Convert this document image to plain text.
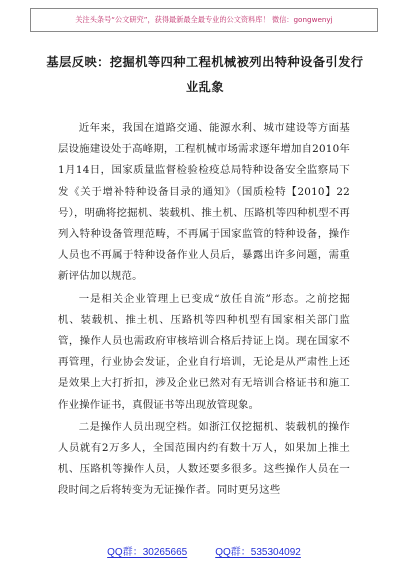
关注头条号“公文研究”，获得最新最全最专业的公文资料库！ 微信：gongwenyj
基层反映：挖掘机等四种工程机械被列出特种设备引发行
业乱象

近年来，我国在道路交通、能源水利、城市建设等方面基层设施建设处于高峰期，工程机械市场需求逐年增加自2010年1月14日，国家质量监督检验检疫总局特种设备安全监察局下发《关于增补特种设备目录的通知》（国质检特【2010】22号），明确将挖掘机、装载机、推土机、压路机等四种机型不再列入特种设备管理范畴，不再属于国家监管的特种设备，操作人员也不再属于特种设备作业人员后，暴露出许多问题，需重新评估加以规范。

一是相关企业管理上已变成“放任自流”形态。之前挖掘机、装载机、推土机、压路机等四种机型有国家相关部门监管，操作人员也需政府审核培训合格后持证上岗。现在国家不再管理，行业协会发证，企业自行培训，无论是从严肃性上还是效果上大打折扣，涉及企业已然对有无培训合格证书和施工作业操作证书，真假证书等出现放管现象。

二是操作人员出现空档。如浙江仅挖掘机、装载机的操作人员就有2万多人，全国范围内约有数十万人，如果加上推土机、压路机等操作人员，人数还要多很多。这些操作人员在一段时间之后将转变为无证操作者。同时更另这些

QQ群：30265665	QQ群：535304092
